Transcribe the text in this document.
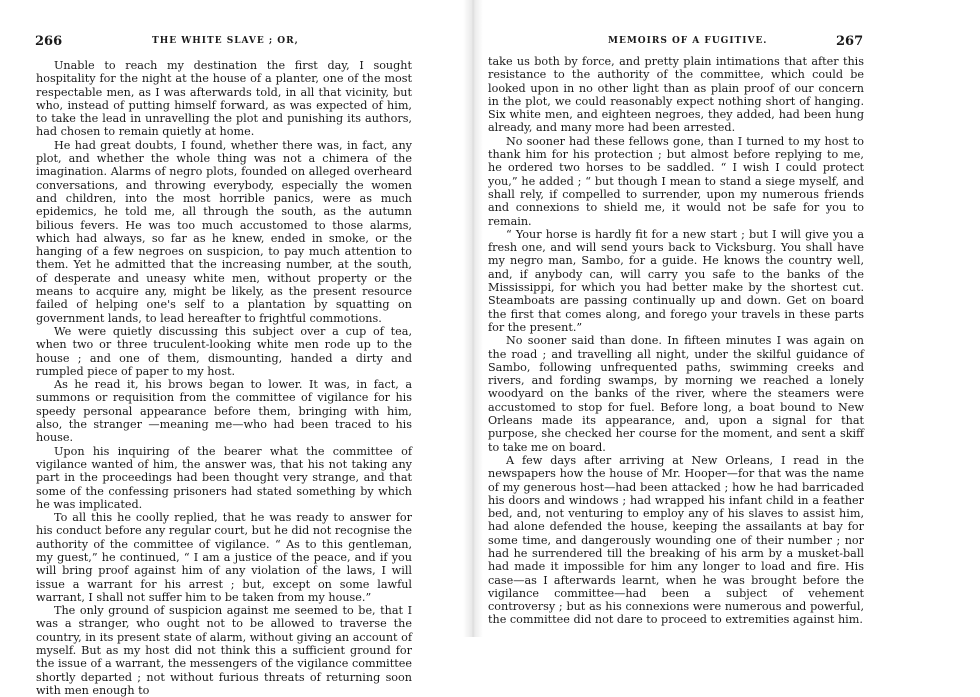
266	THE WHITE SLAVE ; OR,

Unable to reach my destination the first day, I sought hospitality for the night at the house of a planter, one of the most respectable men, as I was afterwards told, in all that vicinity, but who, instead of putting himself forward, as was expected of him, to take the lead in unravelling the plot and punishing its authors, had chosen to remain quietly at home.

He had great doubts, I found, whether there was, in fact, any plot, and whether the whole thing was not a chimera of the imagination. Alarms of negro plots, founded on alleged overheard conversations, and throwing everybody, especially the women and children, into the most horrible panics, were as much epidemics, he told me, all through the south, as the autumn bilious fevers. He was too much accustomed to those alarms, which had always, so far as he knew, ended in smoke, or the hanging of a few negroes on suspicion, to pay much attention to them. Yet he admitted that the increasing number, at the south, of desperate and uneasy white men, without property or the means to acquire any, might be likely, as the present resource failed of helping one's self to a plantation by squatting on government lands, to lead hereafter to frightful commotions.

We were quietly discussing this subject over a cup of tea, when two or three truculent-looking white men rode up to the house ; and one of them, dismounting, handed a dirty and rumpled piece of paper to my host.

As he read it, his brows began to lower. It was, in fact, a summons or requisition from the committee of vigilance for his speedy personal appearance before them, bringing with him, also, the stranger —meaning me—who had been traced to his house.

Upon his inquiring of the bearer what the committee of vigilance wanted of him, the answer was, that his not taking any part in the proceedings had been thought very strange, and that some of the confessing prisoners had stated something by which he was implicated.

To all this he coolly replied, that he was ready to answer for his conduct before any regular court, but he did not recognise the authority of the committee of vigilance. “ As to this gentleman, my guest,” he continued, “ I am a justice of the peace, and if you will bring proof against him of any violation of the laws, I will issue a warrant for his arrest ; but, except on some lawful warrant, I shall not suffer him to be taken from my house.”

The only ground of suspicion against me seemed to be, that I was a stranger, who ought not to be allowed to traverse the country, in its present state of alarm, without giving an account of myself. But as my host did not think this a sufficient ground for the issue of a warrant, the messengers of the vigilance committee shortly departed ; not without furious threats of returning soon with men enough to

MEMOIRS OF A FUGITIVE.	267

take us both by force, and pretty plain intimations that after this resistance to the authority of the committee, which could be looked upon in no other light than as plain proof of our concern in the plot, we could reasonably expect nothing short of hanging. Six white men, and eighteen negroes, they added, had been hung already, and many more had been arrested.

No sooner had these fellows gone, than I turned to my host to thank him for his protection ; but almost before replying to me, he ordered two horses to be saddled. “ I wish I could protect you,” he added ; “ but though I mean to stand a siege myself, and shall rely, if compelled to surrender, upon my numerous friends and connexions to shield me, it would not be safe for you to remain.

“ Your horse is hardly fit for a new start ; but I will give you a fresh one, and will send yours back to Vicksburg. You shall have my negro man, Sambo, for a guide. He knows the country well, and, if anybody can, will carry you safe to the banks of the Mississippi, for which you had better make by the shortest cut. Steamboats are passing continually up and down. Get on board the first that comes along, and forego your travels in these parts for the present.”

No sooner said than done. In fifteen minutes I was again on the road ; and travelling all night, under the skilful guidance of Sambo, following unfrequented paths, swimming creeks and rivers, and fording swamps, by morning we reached a lonely woodyard on the banks of the river, where the steamers were accustomed to stop for fuel. Before long, a boat bound to New Orleans made its appearance, and, upon a signal for that purpose, she checked her course for the moment, and sent a skiff to take me on board.

A few days after arriving at New Orleans, I read in the newspapers how the house of Mr. Hooper—for that was the name of my generous host—had been attacked ; how he had barricaded his doors and windows ; had wrapped his infant child in a feather bed, and, not venturing to employ any of his slaves to assist him, had alone defended the house, keeping the assailants at bay for some time, and dangerously wounding one of their number ; nor had he surrendered till the breaking of his arm by a musket-ball had made it impossible for him any longer to load and fire. His case—as I afterwards learnt, when he was brought before the vigilance committee—had been a subject of vehement controversy ; but as his connexions were numerous and powerful, the committee did not dare to proceed to extremities against him.
